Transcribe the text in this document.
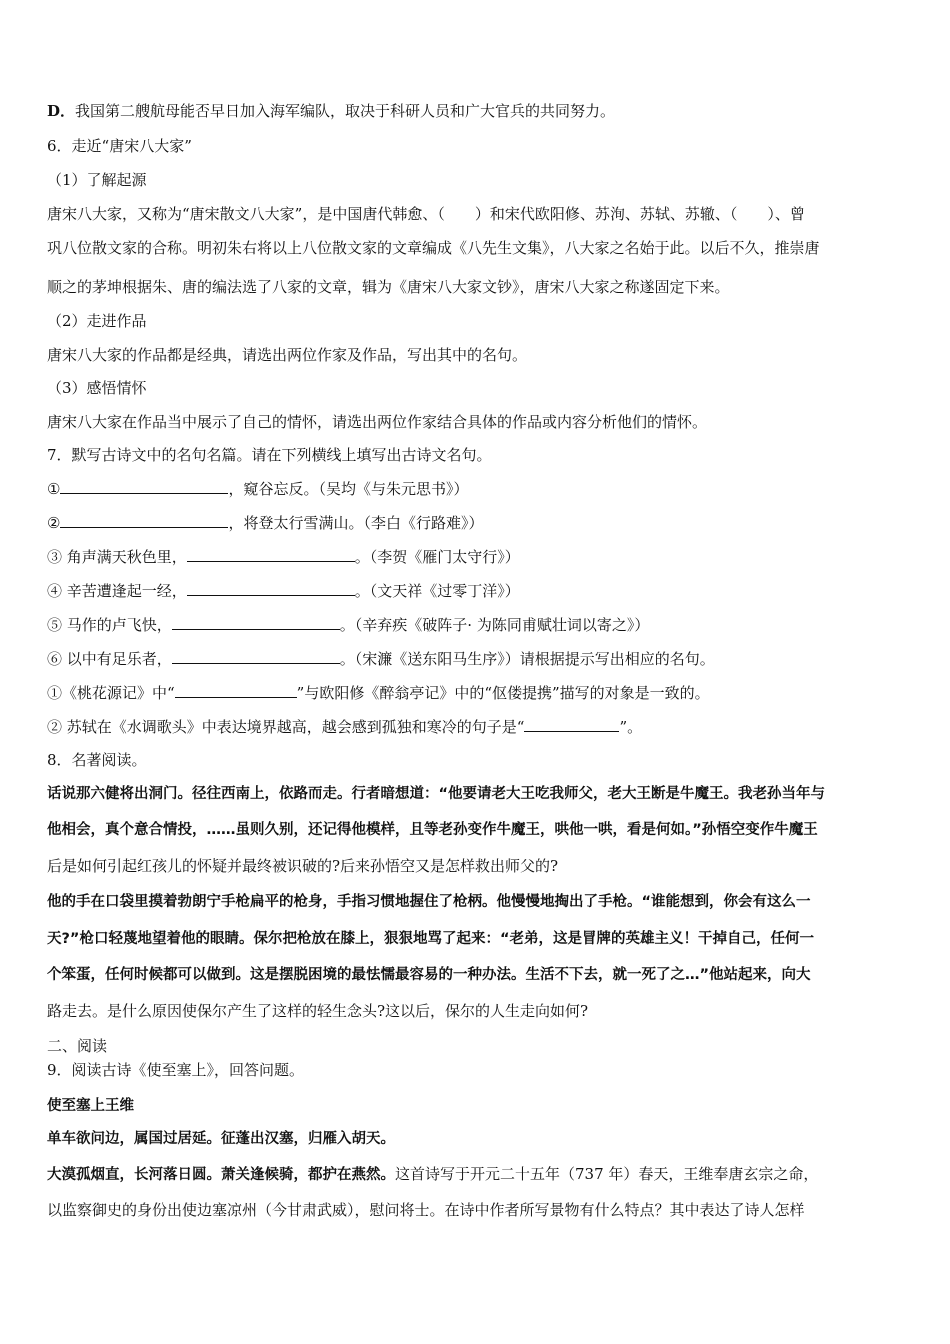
D．我国第二艘航母能否早日加入海军编队，取决于科研人员和广大官兵的共同努力。
6．走近“唐宋八大家”
（1）了解起源
唐宋八大家，又称为“唐宋散文八大家”，是中国唐代韩愈、（　　）和宋代欧阳修、苏洵、苏轼、苏辙、（　　）、曾
巩八位散文家的合称。明初朱右将以上八位散文家的文章编成《八先生文集》，八大家之名始于此。以后不久，推崇唐
顺之的茅坤根据朱、唐的编法选了八家的文章，辑为《唐宋八大家文钞》，唐宋八大家之称遂固定下来。
（2）走进作品
唐宋八大家的作品都是经典，请选出两位作家及作品，写出其中的名句。
（3）感悟情怀
唐宋八大家在作品当中展示了自己的情怀，请选出两位作家结合具体的作品或内容分析他们的情怀。
7．默写古诗文中的名句名篇。请在下列横线上填写出古诗文名句。
①	，窥谷忘反。（吴均《与朱元思书》）
②	，将登太行雪满山。（李白《行路难》）
③ 角声满天秋色里，	。（李贺《雁门太守行》）
④ 辛苦遭逢起一经，	。（文天祥《过零丁洋》）
⑤ 马作的卢飞快，	。（辛弃疾《破阵子· 为陈同甫赋壮词以寄之》）
⑥ 以中有足乐者，	。（宋濂《送东阳马生序》）请根据提示写出相应的名句。
①《桃花源记》中“	”与欧阳修《醉翁亭记》中的“伛偻提携”描写的对象是一致的。
② 苏轼在《水调歌头》中表达境界越高，越会感到孤独和寒冷的句子是“	”。
8．名著阅读。
话说那六健将出洞门。径往西南上，依路而走。行者暗想道：“他要请老大王吃我师父，老大王断是牛魔王。我老孙当年与
他相会，真个意合情投，……虽则久别，还记得他模样，且等老孙变作牛魔王，哄他一哄，看是何如。”孙悟空变作牛魔王
后是如何引起红孩儿的怀疑并最终被识破的?后来孙悟空又是怎样救出师父的?
他的手在口袋里摸着勃朗宁手枪扁平的枪身，手指习惯地握住了枪柄。他慢慢地掏出了手枪。“谁能想到，你会有这么一
天?”枪口轻蔑地望着他的眼睛。保尔把枪放在膝上，狠狠地骂了起来：“老弟，这是冒牌的英雄主义！干掉自己，任何一
个笨蛋，任何时候都可以做到。这是摆脱困境的最怯懦最容易的一种办法。生活不下去，就一死了之…”他站起来，向大
路走去。是什么原因使保尔产生了这样的轻生念头?这以后，保尔的人生走向如何?
二、阅读
9．阅读古诗《使至塞上》，回答问题。
使至塞上王维
单车欲问边，属国过居延。征蓬出汉塞，归雁入胡天。
大漠孤烟直，长河落日圆。萧关逢候骑，都护在燕然。这首诗写于开元二十五年（737 年）春天，王维奉唐玄宗之命，
以监察御史的身份出使边塞凉州（今甘肃武威），慰问将士。在诗中作者所写景物有什么特点？其中表达了诗人怎样
